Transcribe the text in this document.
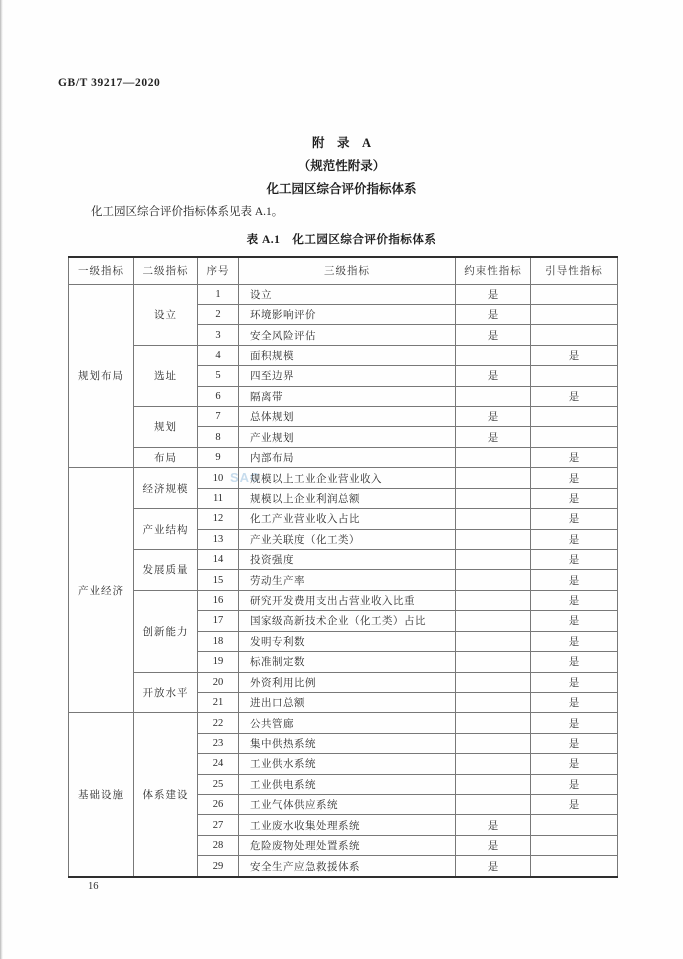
GB/T 39217—2020
附　录　A
（规范性附录）
化工园区综合评价指标体系

化工园区综合评价指标体系见表 A.1。

表 A.1　化工园区综合评价指标体系
SAC
一级指标	二级指标	序号	三级指标	约束性指标	引导性指标
规划布局	设立	1	设立	是	
		2	环境影响评价	是	
		3	安全风险评估	是	
	选址	4	面积规模		是
		5	四至边界	是	
		6	隔离带		是
	规划	7	总体规划	是	
		8	产业规划	是	
	布局	9	内部布局		是
产业经济	经济规模	10	规模以上工业企业营业收入		是
		11	规模以上企业利润总额		是
	产业结构	12	化工产业营业收入占比		是
		13	产业关联度（化工类）		是
	发展质量	14	投资强度		是
		15	劳动生产率		是
	创新能力	16	研究开发费用支出占营业收入比重		是
		17	国家级高新技术企业（化工类）占比		是
		18	发明专利数		是
		19	标准制定数		是
	开放水平	20	外资利用比例		是
		21	进出口总额		是
基础设施	体系建设	22	公共管廊		是
		23	集中供热系统		是
		24	工业供水系统		是
		25	工业供电系统		是
		26	工业气体供应系统		是
		27	工业废水收集处理系统	是	
		28	危险废物处理处置系统	是	
		29	安全生产应急救援体系	是	
16
